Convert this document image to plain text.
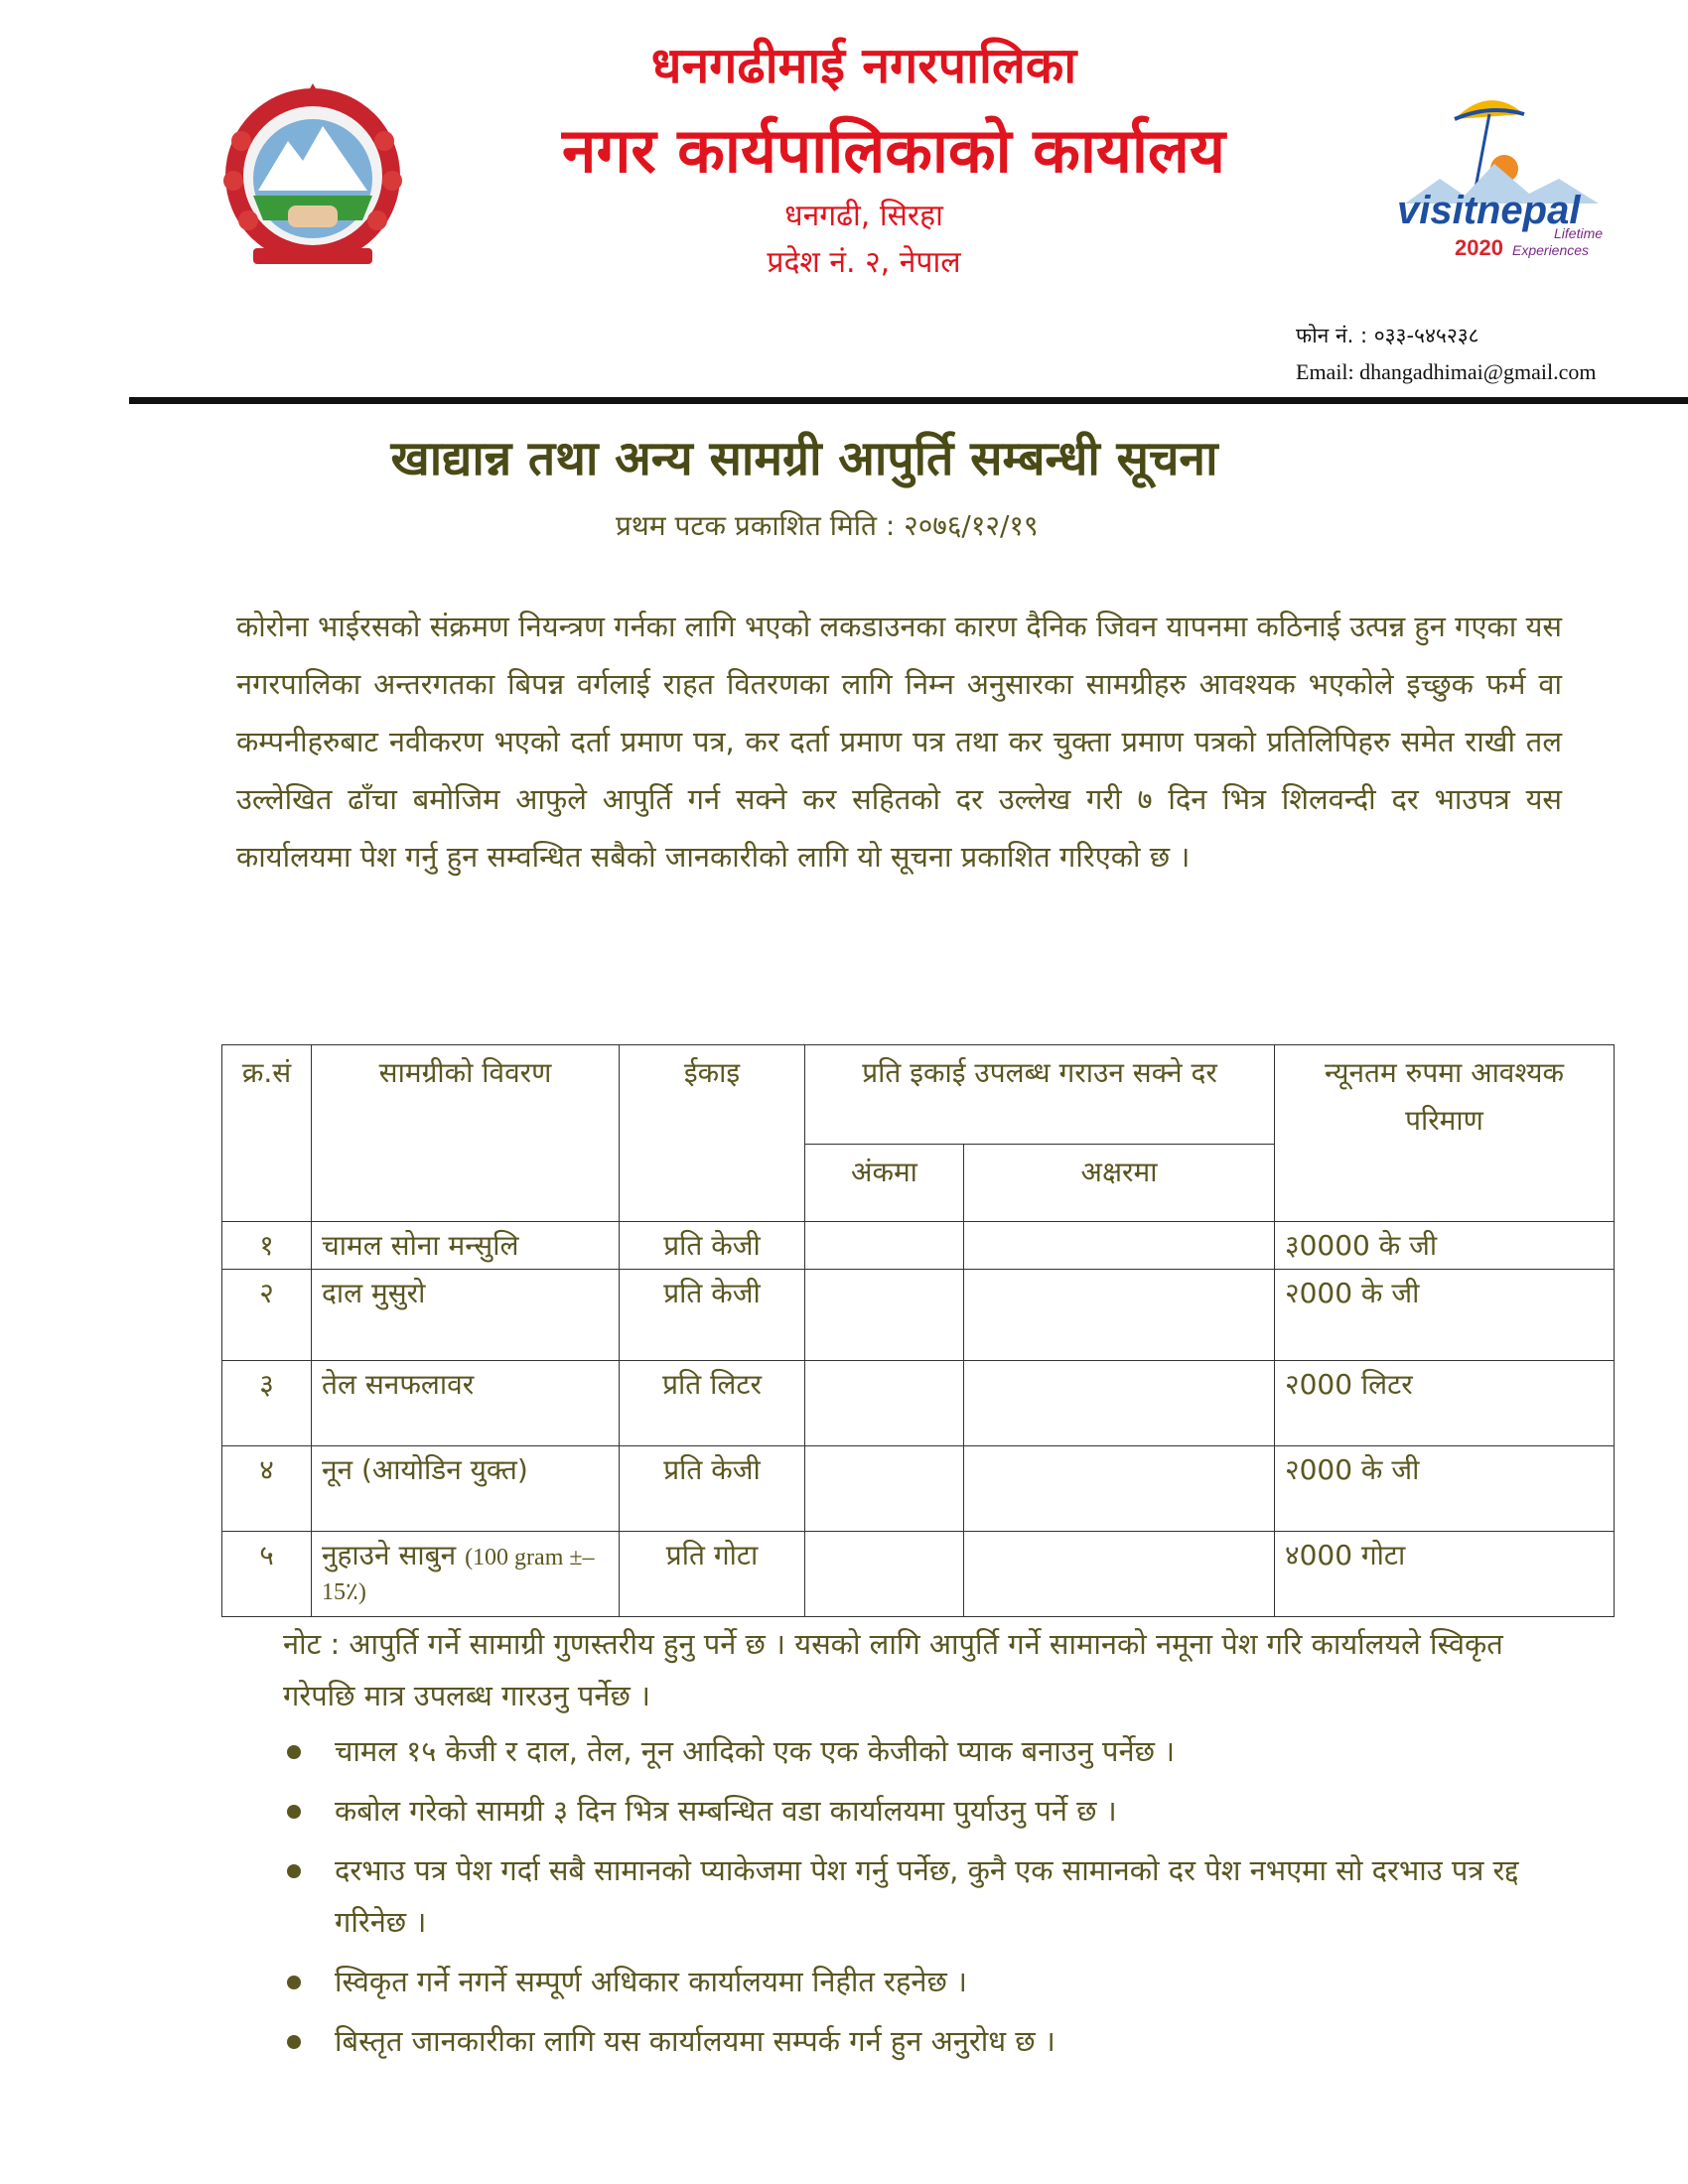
धनगढीमाई नगरपालिका
नगर कार्यपालिकाको कार्यालय
धनगढी, सिरहा
प्रदेश नं. २, नेपाल
visit nepal
Lifetime
2020 Experiences
फोन नं. : ०३३-५४५२३८
Email: dhangadhimai@gmail.com
खाद्यान्न तथा अन्य सामग्री आपुर्ति सम्बन्धी सूचना
प्रथम पटक प्रकाशित मिति : २०७६/१२/१९
कोरोना भाईरसको संक्रमण नियन्त्रण गर्नका लागि भएको लकडाउनका कारण दैनिक जिवन यापनमा कठिनाई उत्पन्न हुन गएका यस नगरपालिका अन्तरगतका बिपन्न वर्गलाई राहत वितरणका लागि निम्न अनुसारका सामग्रीहरु आवश्यक भएकोले इच्छुक फर्म वा कम्पनीहरुबाट नवीकरण भएको दर्ता प्रमाण पत्र, कर दर्ता प्रमाण पत्र तथा कर चुक्ता प्रमाण पत्रको प्रतिलिपिहरु समेत राखी तल उल्लेखित ढाँचा बमोजिम आफुले आपुर्ति गर्न सक्ने कर सहितको दर उल्लेख गरी ७ दिन भित्र शिलवन्दी दर भाउपत्र यस कार्यालयमा पेश गर्नु हुन सम्वन्धित सबैको जानकारीको लागि यो सूचना प्रकाशित गरिएको छ ।
क्र.सं	सामग्रीको विवरण	ईकाइ	प्रति इकाई उपलब्ध गराउन सक्ने दर		न्यूनतम रुपमा आवश्यक परिमाण
			अंकमा	अक्षरमा	
१	चामल सोना मन्सुलि	प्रति केजी			३0000 के जी
२	दाल मुसुरो	प्रति केजी			२000 के जी
३	तेल सनफलावर	प्रति लिटर			२000 लिटर
४	नून (आयोडिन युक्त)	प्रति केजी			२000 के जी
५	नुहाउने साबुन (100 gram ±–15٪)	प्रति गोटा			४000 गोटा
नोट : आपुर्ति गर्ने सामाग्री गुणस्तरीय हुनु पर्ने छ । यसको लागि आपुर्ति गर्ने सामानको नमूना पेश गरि कार्यालयले स्विकृत गरेपछि मात्र उपलब्ध गारउनु पर्नेछ ।
चामल १५ केजी र दाल, तेल, नून आदिको एक एक केजीको प्याक बनाउनु पर्नेछ ।
कबोल गरेको सामग्री ३ दिन भित्र सम्बन्धित वडा कार्यालयमा पुर्याउनु पर्ने छ ।
दरभाउ पत्र पेश गर्दा सबै सामानको प्याकेजमा पेश गर्नु पर्नेछ, कुनै एक सामानको दर पेश नभएमा सो दरभाउ पत्र रद्द गरिनेछ ।
स्विकृत गर्ने नगर्ने सम्पूर्ण अधिकार कार्यालयमा निहीत रहनेछ ।
बिस्तृत जानकारीका लागि यस कार्यालयमा सम्पर्क गर्न हुन अनुरोध छ ।
